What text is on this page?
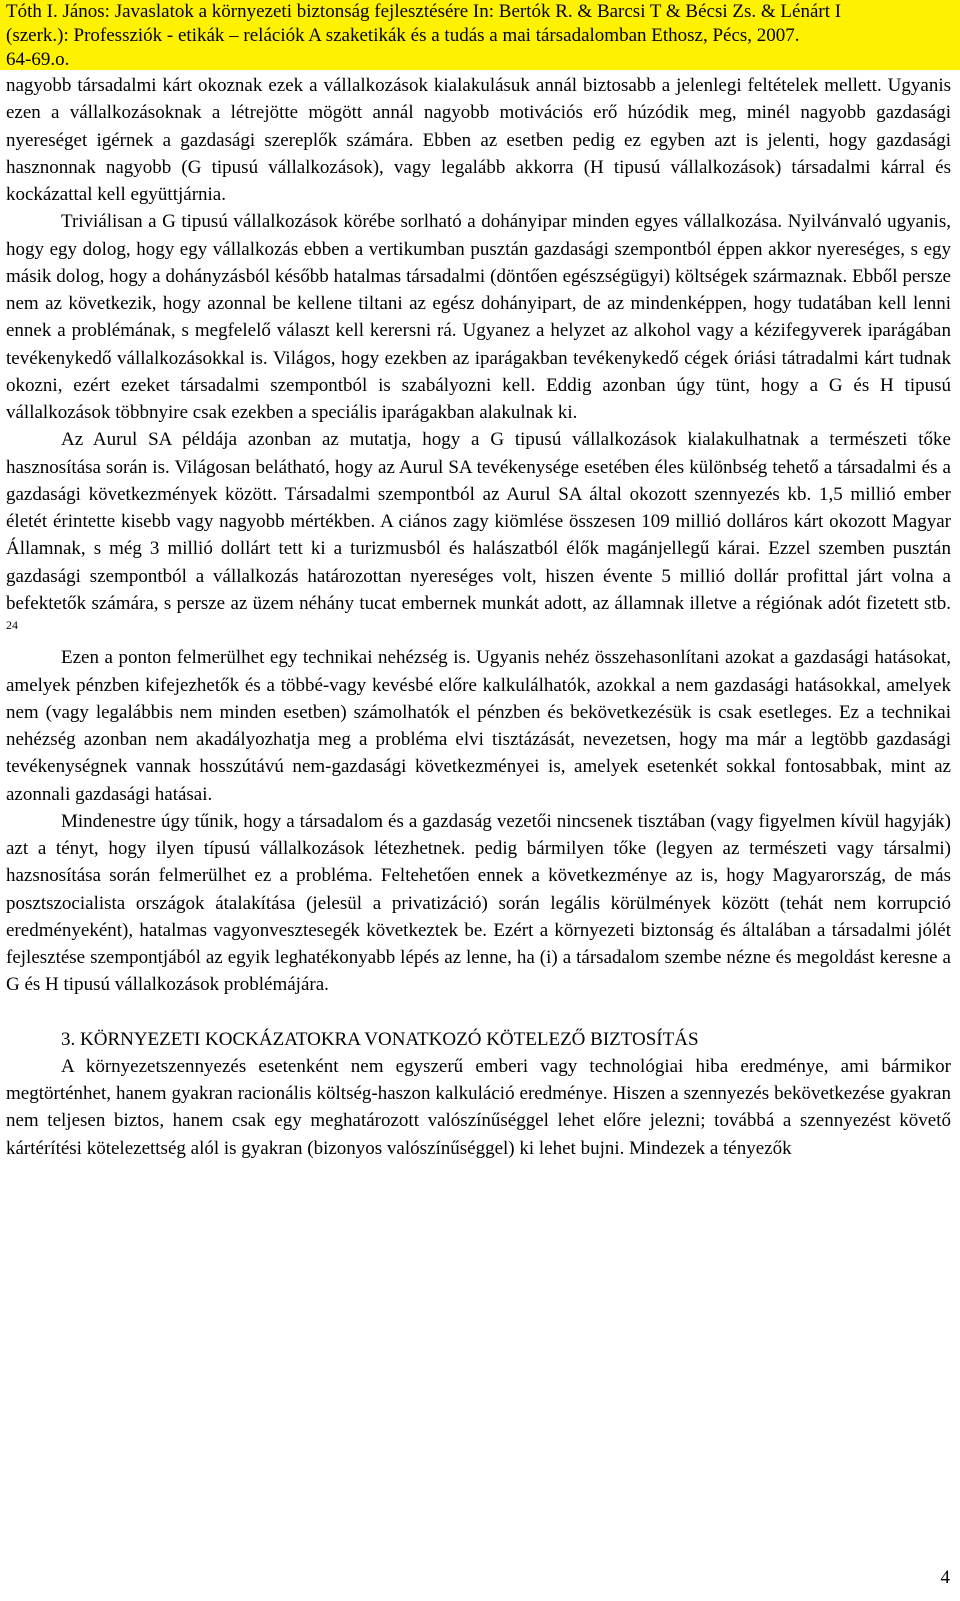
Tóth I. János: Javaslatok a környezeti biztonság fejlesztésére In: Bertók R. & Barcsi T & Bécsi Zs. & Lénárt I
(szerk.): Professziók - etikák – relációk A szaketikák és a tudás a mai társadalomban Ethosz, Pécs, 2007.
64-69.o.

nagyobb társadalmi kárt okoznak ezek a vállalkozások kialakulásuk annál biztosabb a jelenlegi feltételek mellett. Ugyanis ezen a vállalkozásoknak a létrejötte mögött annál nagyobb motivációs erő húzódik meg, minél nagyobb gazdasági nyereséget igérnek a gazdasági szereplők számára. Ebben az esetben pedig ez egyben azt is jelenti, hogy gazdasági hasznonnak nagyobb (G tipusú vállalkozások), vagy legalább akkorra (H tipusú vállalkozások) társadalmi kárral és kockázattal kell együttjárnia.

Triviálisan a G tipusú vállalkozások körébe sorlható a dohányipar minden egyes vállalkozása. Nyilvánvaló ugyanis, hogy egy dolog, hogy egy vállalkozás ebben a vertikumban pusztán gazdasági szempontból éppen akkor nyereséges, s egy másik dolog, hogy a dohányzásból később hatalmas társadalmi (döntően egészségügyi) költségek származnak. Ebből persze nem az következik, hogy azonnal be kellene tiltani az egész dohányipart, de az mindenképpen, hogy tudatában kell lenni ennek a problémának, s megfelelő választ kell kerersni rá. Ugyanez a helyzet az alkohol vagy a kézifegyverek iparágában tevékenykedő vállalkozásokkal is. Világos, hogy ezekben az iparágakban tevékenykedő cégek óriási tátradalmi kárt tudnak okozni, ezért ezeket társadalmi szempontból is szabályozni kell. Eddig azonban úgy tünt, hogy a G és H tipusú vállalkozások többnyire csak ezekben a speciális iparágakban alakulnak ki.

Az Aurul SA példája azonban az mutatja, hogy a G tipusú vállalkozások kialakulhatnak a természeti tőke hasznosítása során is. Világosan belátható, hogy az Aurul SA tevékenysége esetében éles különbség tehető a társadalmi és a gazdasági következmények között. Társadalmi szempontból az Aurul SA által okozott szennyezés kb. 1,5 millió ember életét érintette kisebb vagy nagyobb mértékben. A ciános zagy kiömlése összesen 109 millió dolláros kárt okozott Magyar Államnak, s még 3 millió dollárt tett ki a turizmusból és halászatból élők magánjellegű kárai. Ezzel szemben pusztán gazdasági szempontból a vállalkozás határozottan nyereséges volt, hiszen évente 5 millió dollár profittal járt volna a befektetők számára, s persze az üzem néhány tucat embernek munkát adott, az államnak illetve a régiónak adót fizetett stb. $^{24}$

Ezen a ponton felmerülhet egy technikai nehézség is. Ugyanis nehéz összehasonlítani azokat a gazdasági hatásokat, amelyek pénzben kifejezhetők és a többé-vagy kevésbé előre kalkulálhatók, azokkal a nem gazdasági hatásokkal, amelyek nem (vagy legalábbis nem minden esetben) számolhatók el pénzben és bekövetkezésük is csak esetleges. Ez a technikai nehézség azonban nem akadályozhatja meg a probléma elvi tisztázását, nevezetsen, hogy ma már a legtöbb gazdasági tevékenységnek vannak hosszútávú nem-gazdasági következményei is, amelyek esetenkét sokkal fontosabbak, mint az azonnali gazdasági hatásai.

Mindenestre úgy tűnik, hogy a társadalom és a gazdaság vezetői nincsenek tisztában (vagy figyelmen kívül hagyják) azt a tényt, hogy ilyen típusú vállalkozások létezhetnek. pedig bármilyen tőke (legyen az természeti vagy társalmi) hazsnosítása során felmerülhet ez a probléma. Feltehetően ennek a következménye az is, hogy Magyarország, de más posztszocialista országok átalakítása (jelesül a privatizáció) során legális körülmények között (tehát nem korrupció eredményeként), hatalmas vagyonvesztesegék következtek be. Ezért a környezeti biztonság és általában a társadalmi jólét fejlesztése szempontjából az egyik leghatékonyabb lépés az lenne, ha (i) a társadalom szembe nézne és megoldást keresne a G és H tipusú vállalkozások problémájára.

3. KÖRNYEZETI KOCKÁZATOKRA VONATKOZÓ KÖTELEZŐ BIZTOSÍTÁS

A környezetszennyezés esetenként nem egyszerű emberi vagy technológiai hiba eredménye, ami bármikor megtörténhet, hanem gyakran racionális költség-haszon kalkuláció eredménye. Hiszen a szennyezés bekövetkezése gyakran nem teljesen biztos, hanem csak egy meghatározott valószínűséggel lehet előre jelezni; továbbá a szennyezést követő kártérítési kötelezettség alól is gyakran (bizonyos valószínűséggel) ki lehet bujni. Mindezek a tényezők

4
